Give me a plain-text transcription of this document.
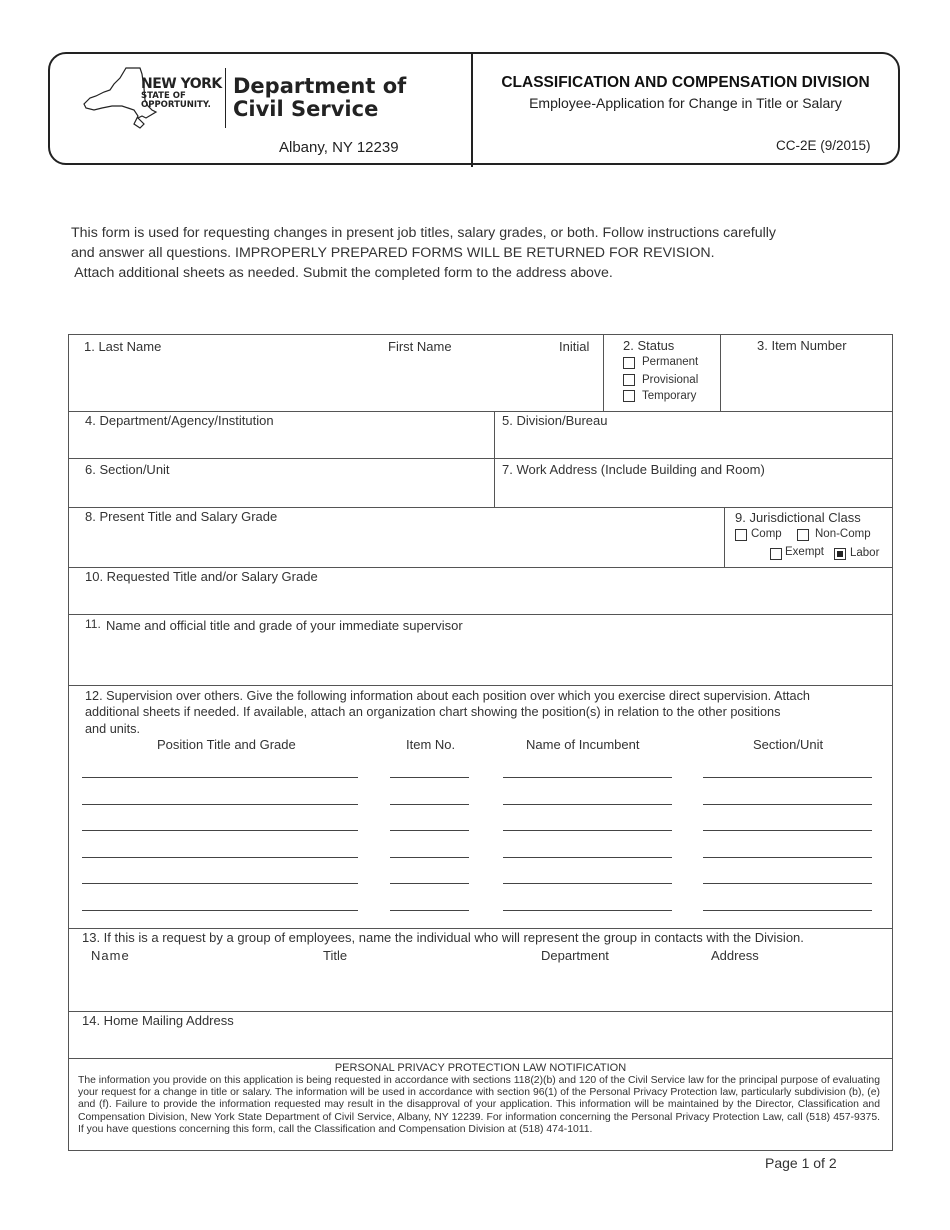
NEW YORK
STATE OF
OPPORTUNITY.
Department of
Civil Service
Albany, NY 12239
CLASSIFICATION AND COMPENSATION DIVISION
Employee-Application for Change in Title or Salary
CC-2E (9/2015)
This form is used for requesting changes in present job titles, salary grades, or both. Follow instructions carefully
and answer all questions. IMPROPERLY PREPARED FORMS WILL BE RETURNED FOR REVISION.
Attach additional sheets as needed. Submit the completed form to the address above.
1. Last Name	First Name	Initial	2. Status
Permanent
Provisional
Temporary
3. Item Number
4. Department/Agency/Institution	5. Division/Bureau
6. Section/Unit	7. Work Address (Include Building and Room)
8. Present Title and Salary Grade	9. Jurisdictional Class
Comp	Non-Comp
Exempt Labor
10. Requested Title and/or Salary Grade
11. Name and official title and grade of your immediate supervisor
12. Supervision over others. Give the following information about each position over which you exercise direct supervision. Attach
additional sheets if needed. If available, attach an organization chart showing the position(s) in relation to the other positions
and units.
Position Title and Grade	Item No.	Name of Incumbent	Section/Unit
13. If this is a request by a group of employees, name the individual who will represent the group in contacts with the Division.
Name	Title	Department	Address
14. Home Mailing Address
PERSONAL PRIVACY PROTECTION LAW NOTIFICATION
The information you provide on this application is being requested in accordance with sections 118(2)(b) and 120 of the Civil Service law for the principal purpose of evaluating your request for a change in title or salary. The information will be used in accordance with section 96(1) of the Personal Privacy Protection law, particularly subdivision (b), (e) and (f). Failure to provide the information requested may result in the disapproval of your application. This information will be maintained by the Director, Classification and Compensation Division, New York State Department of Civil Service, Albany, NY 12239. For information concerning the Personal Privacy Protection Law, call (518) 457-9375. If you have questions concerning this form, call the Classification and Compensation Division at (518) 474-1011.
Page 1 of 2
